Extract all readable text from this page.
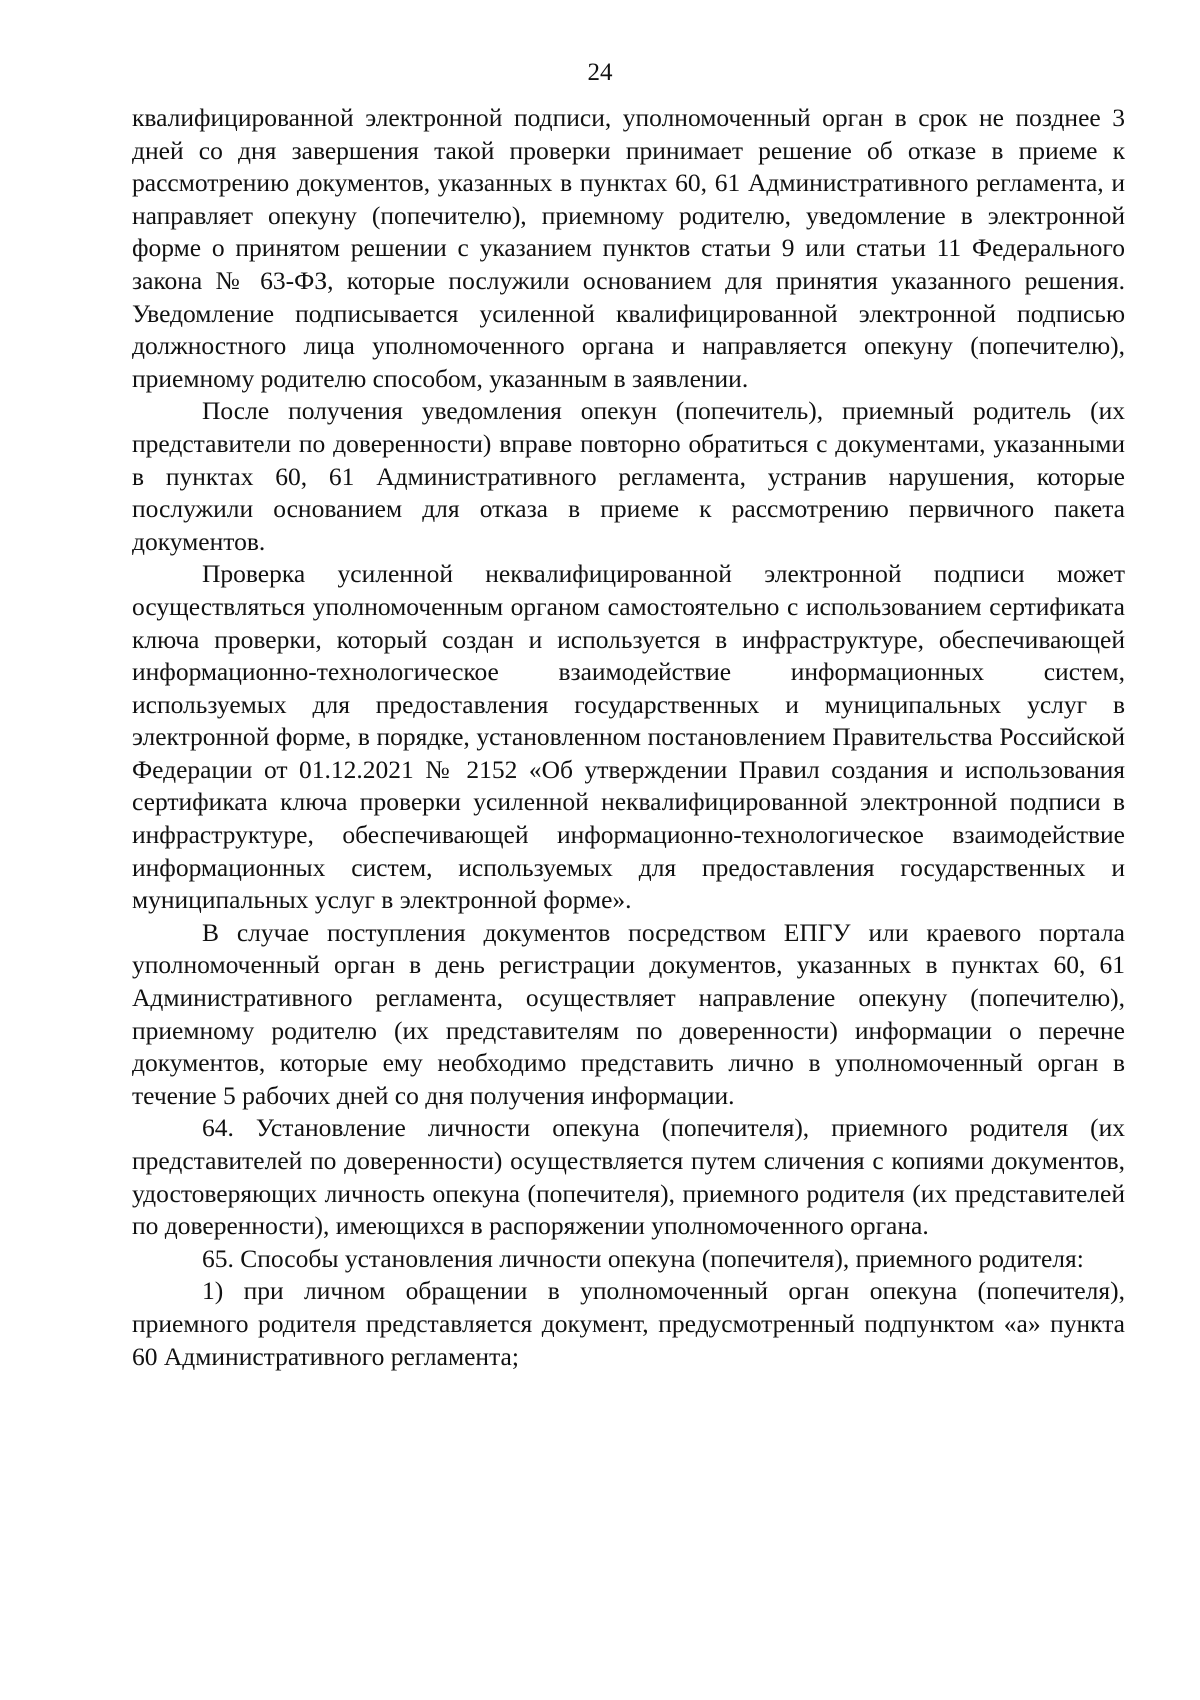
24

квалифицированной электронной подписи, уполномоченный орган в срок не позднее 3 дней со дня завершения такой проверки принимает решение об отказе в приеме к рассмотрению документов, указанных в пунктах 60, 61 Административного регламента, и направляет опекуну (попечителю), приемному родителю, уведомление в электронной форме о принятом решении с указанием пунктов статьи 9 или статьи 11 Федерального закона № 63-ФЗ, которые послужили основанием для принятия указанного решения. Уведомление подписывается усиленной квалифицированной электронной подписью должностного лица уполномоченного органа и направляется опекуну (попечителю), приемному родителю способом, указанным в заявлении.

После получения уведомления опекун (попечитель), приемный родитель (их представители по доверенности) вправе повторно обратиться с документами, указанными в пунктах 60, 61 Административного регламента, устранив нарушения, которые послужили основанием для отказа в приеме к рассмотрению первичного пакета документов.

Проверка усиленной неквалифицированной электронной подписи может осуществляться уполномоченным органом самостоятельно с использованием сертификата ключа проверки, который создан и используется в инфраструктуре, обеспечивающей информационно-технологическое взаимодействие информационных систем, используемых для предоставления государственных и муниципальных услуг в электронной форме, в порядке, установленном постановлением Правительства Российской Федерации от 01.12.2021 № 2152 «Об утверждении Правил создания и использования сертификата ключа проверки усиленной неквалифицированной электронной подписи в инфраструктуре, обеспечивающей информационно-технологическое взаимодействие информационных систем, используемых для предоставления государственных и муниципальных услуг в электронной форме».

В случае поступления документов посредством ЕПГУ или краевого портала уполномоченный орган в день регистрации документов, указанных в пунктах 60, 61 Административного регламента, осуществляет направление опекуну (попечителю), приемному родителю (их представителям по доверенности) информации о перечне документов, которые ему необходимо представить лично в уполномоченный орган в течение 5 рабочих дней со дня получения информации.

64. Установление личности опекуна (попечителя), приемного родителя (их представителей по доверенности) осуществляется путем сличения с копиями документов, удостоверяющих личность опекуна (попечителя), приемного родителя (их представителей по доверенности), имеющихся в распоряжении уполномоченного органа.

65. Способы установления личности опекуна (попечителя), приемного родителя:

1) при личном обращении в уполномоченный орган опекуна (попечителя), приемного родителя представляется документ, предусмотренный подпунктом «а» пункта 60 Административного регламента;
